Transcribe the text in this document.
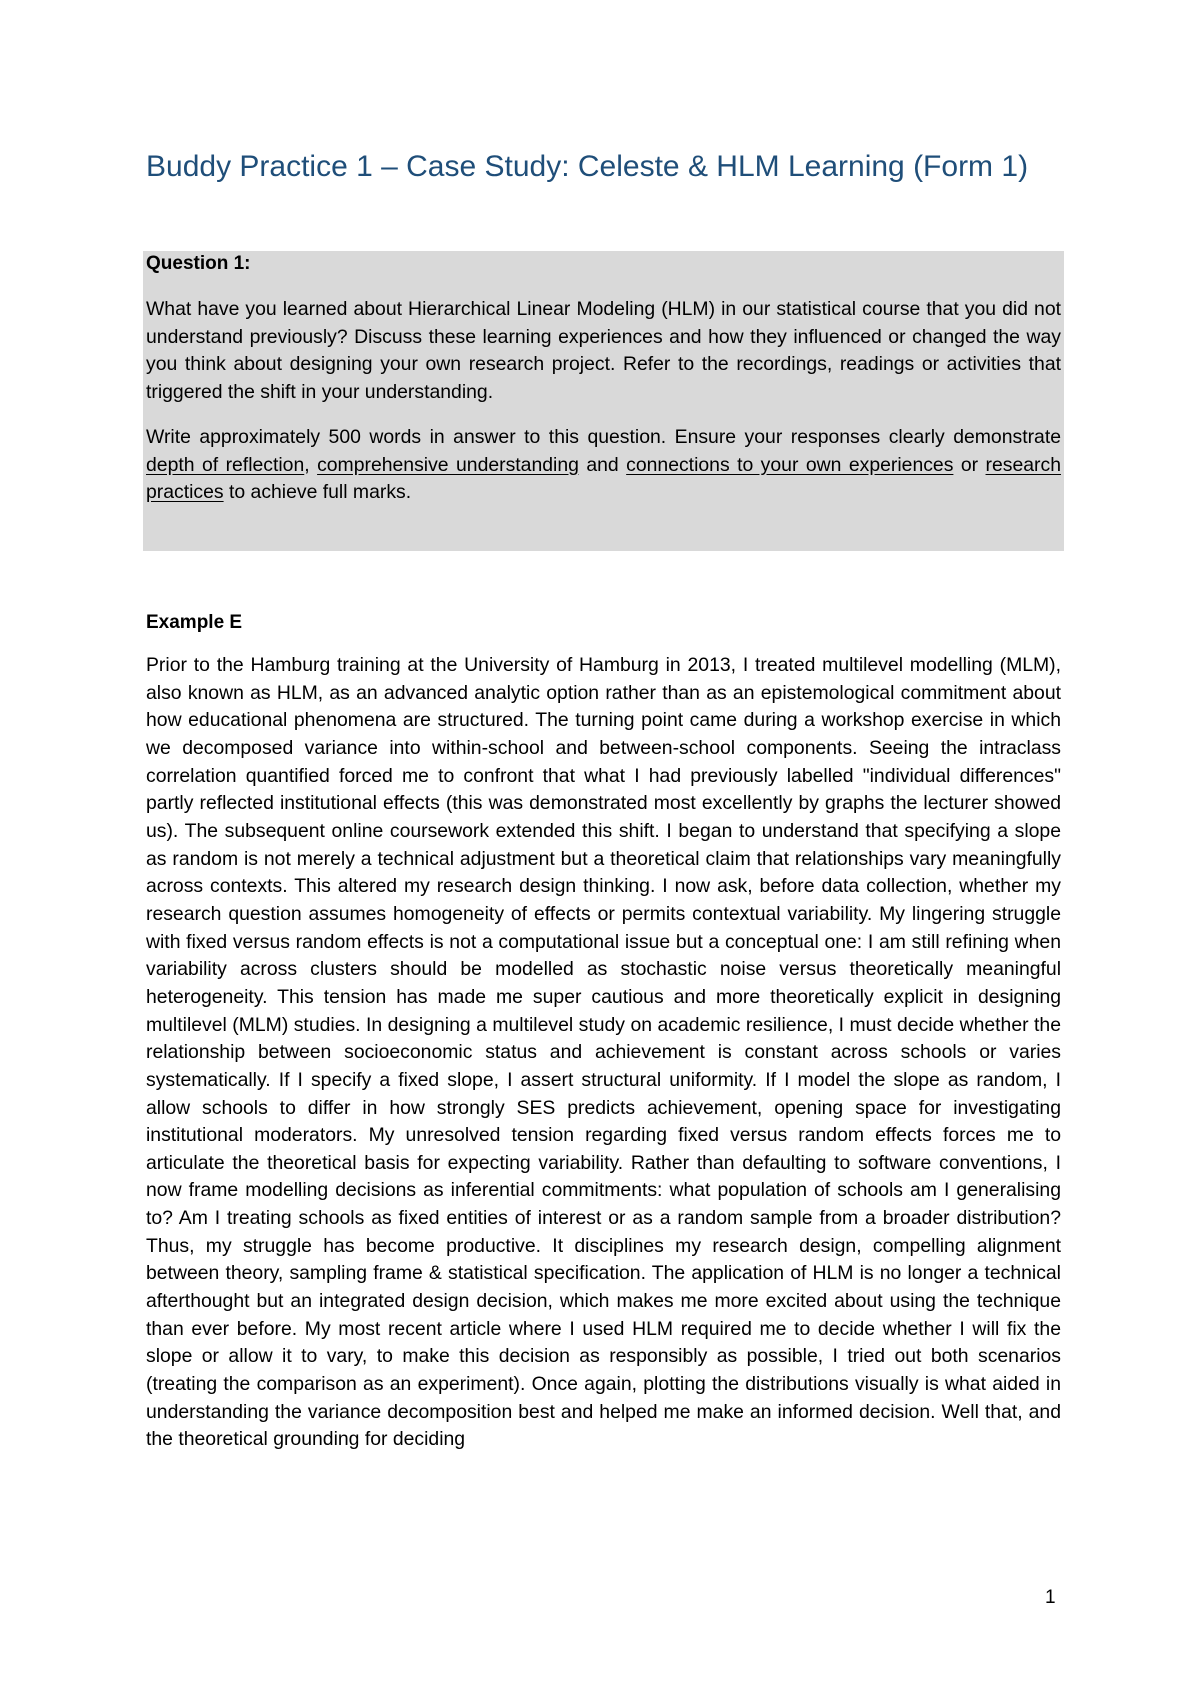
Buddy Practice 1 – Case Study: Celeste & HLM Learning (Form 1)
Question 1:
What have you learned about Hierarchical Linear Modeling (HLM) in our statistical course that you did not understand previously? Discuss these learning experiences and how they influenced or changed the way you think about designing your own research project. Refer to the recordings, readings or activities that triggered the shift in your understanding.
Write approximately 500 words in answer to this question. Ensure your responses clearly demonstrate depth of reflection, comprehensive understanding and connections to your own experiences or research practices to achieve full marks.
Example E
Prior to the Hamburg training at the University of Hamburg in 2013, I treated multilevel modelling (MLM), also known as HLM, as an advanced analytic option rather than as an epistemological commitment about how educational phenomena are structured. The turning point came during a workshop exercise in which we decomposed variance into within-school and between-school components. Seeing the intraclass correlation quantified forced me to confront that what I had previously labelled "individual differences" partly reflected institutional effects (this was demonstrated most excellently by graphs the lecturer showed us). The subsequent online coursework extended this shift. I began to understand that specifying a slope as random is not merely a technical adjustment but a theoretical claim that relationships vary meaningfully across contexts. This altered my research design thinking. I now ask, before data collection, whether my research question assumes homogeneity of effects or permits contextual variability. My lingering struggle with fixed versus random effects is not a computational issue but a conceptual one: I am still refining when variability across clusters should be modelled as stochastic noise versus theoretically meaningful heterogeneity. This tension has made me super cautious and more theoretically explicit in designing multilevel (MLM) studies. In designing a multilevel study on academic resilience, I must decide whether the relationship between socioeconomic status and achievement is constant across schools or varies systematically. If I specify a fixed slope, I assert structural uniformity. If I model the slope as random, I allow schools to differ in how strongly SES predicts achievement, opening space for investigating institutional moderators. My unresolved tension regarding fixed versus random effects forces me to articulate the theoretical basis for expecting variability. Rather than defaulting to software conventions, I now frame modelling decisions as inferential commitments: what population of schools am I generalising to? Am I treating schools as fixed entities of interest or as a random sample from a broader distribution? Thus, my struggle has become productive. It disciplines my research design, compelling alignment between theory, sampling frame & statistical specification. The application of HLM is no longer a technical afterthought but an integrated design decision, which makes me more excited about using the technique than ever before. My most recent article where I used HLM required me to decide whether I will fix the slope or allow it to vary, to make this decision as responsibly as possible, I tried out both scenarios (treating the comparison as an experiment). Once again, plotting the distributions visually is what aided in understanding the variance decomposition best and helped me make an informed decision. Well that, and the theoretical grounding for deciding
1
